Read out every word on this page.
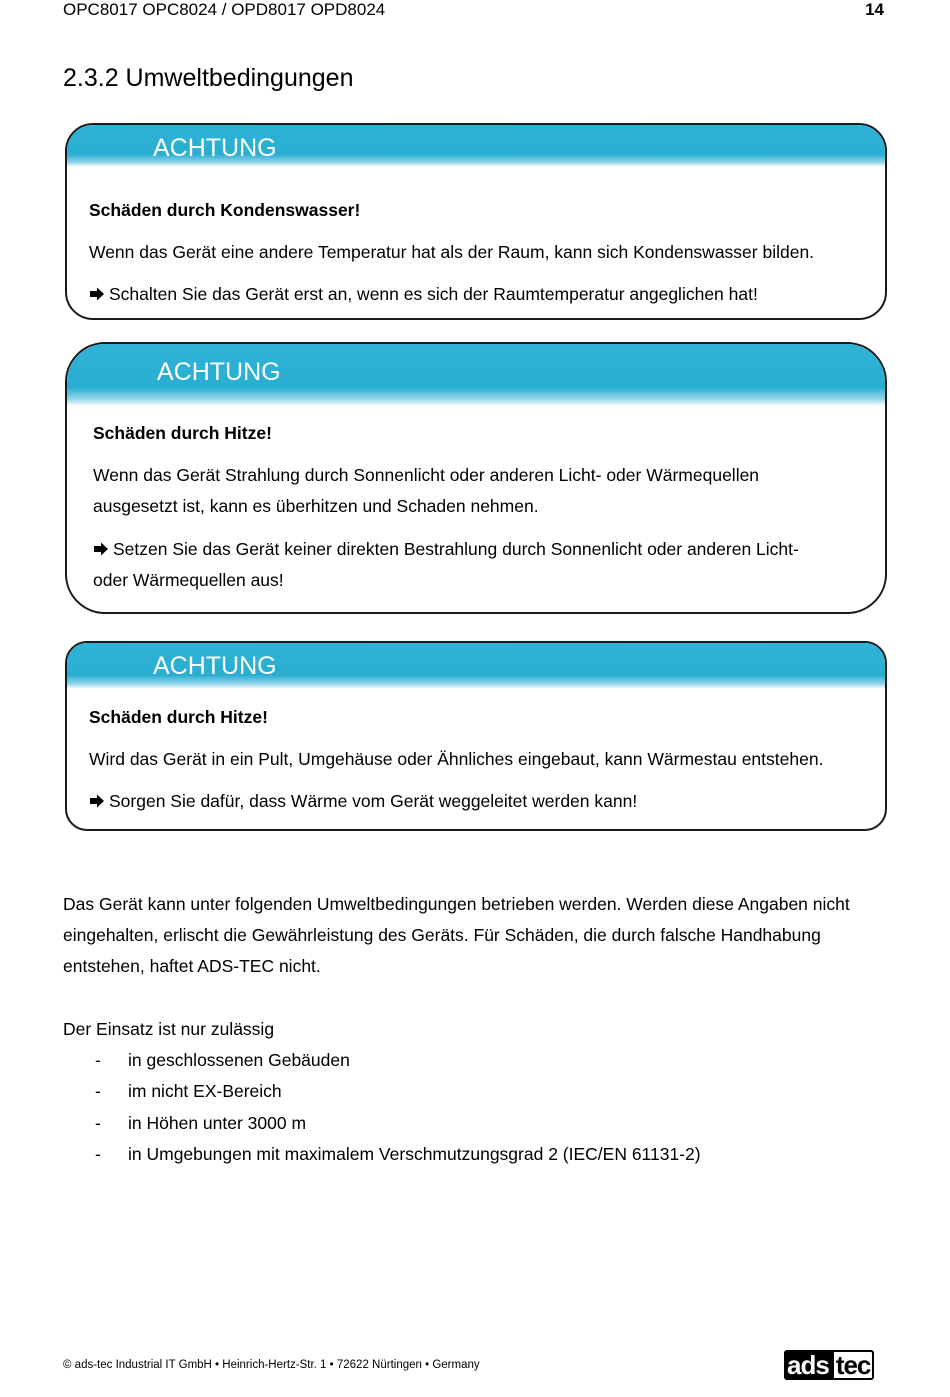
OPC8017 OPC8024 / OPD8017 OPD8024	14
2.3.2 Umweltbedingungen
ACHTUNG

Schäden durch Kondenswasser!

Wenn das Gerät eine andere Temperatur hat als der Raum, kann sich Kondenswasser bilden.

Schalten Sie das Gerät erst an, wenn es sich der Raumtemperatur angeglichen hat!

ACHTUNG

Schäden durch Hitze!

Wenn das Gerät Strahlung durch Sonnenlicht oder anderen Licht- oder Wärmequellen

ausgesetzt ist, kann es überhitzen und Schaden nehmen.

Setzen Sie das Gerät keiner direkten Bestrahlung durch Sonnenlicht oder anderen Licht-

oder Wärmequellen aus!

ACHTUNG

Schäden durch Hitze!

Wird das Gerät in ein Pult, Umgehäuse oder Ähnliches eingebaut, kann Wärmestau entstehen.

Sorgen Sie dafür, dass Wärme vom Gerät weggeleitet werden kann!

Das Gerät kann unter folgenden Umweltbedingungen betrieben werden. Werden diese Angaben nicht

eingehalten, erlischt die Gewährleistung des Geräts. Für Schäden, die durch falsche Handhabung

entstehen, haftet ADS-TEC nicht.

Der Einsatz ist nur zulässig

- in geschlossenen Gebäuden
- im nicht EX-Bereich
- in Höhen unter 3000 m
- in Umgebungen mit maximalem Verschmutzungsgrad 2 (IEC/EN 61131-2)
© ads-tec Industrial IT GmbH • Heinrich-Hertz-Str. 1 • 72622 Nürtingen • Germany	ads tec
